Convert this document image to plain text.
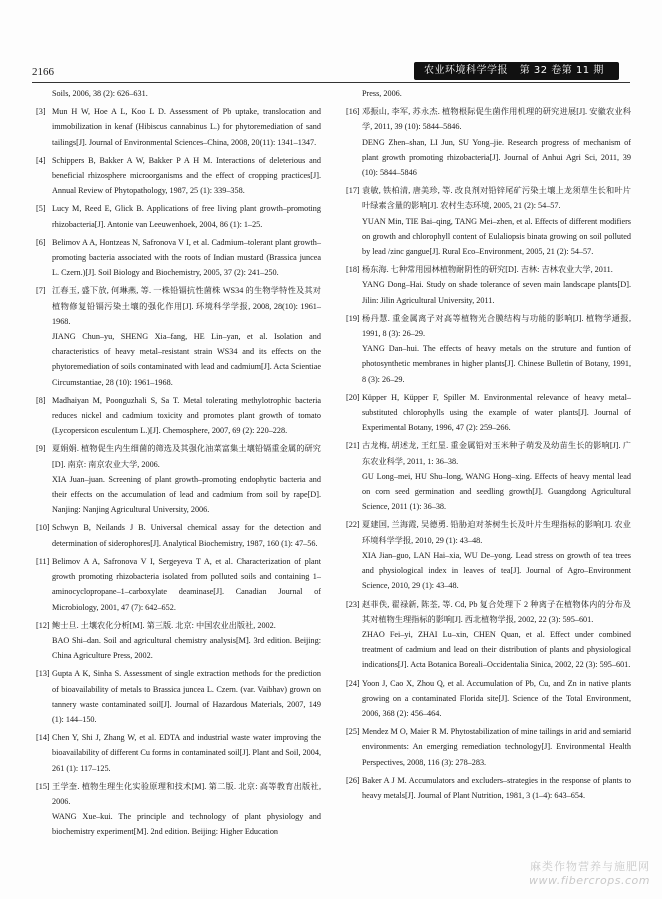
2166	农业环境科学学报 第 32 卷第 11 期
Soils, 2006, 38 (2): 626–631.
[3] Mun H W, Hoe A L, Koo L D. Assessment of Pb uptake, translocation and immobilization in kenaf (Hibiscus cannabinus L.) for phytoremediation of sand tailings[J]. Journal of Environmental Sciences–China, 2008, 20(11): 1341–1347.
[4] Schippers B, Bakker A W, Bakker P A H M. Interactions of deleterious and beneficial rhizosphere microorganisms and the effect of cropping practices[J]. Annual Review of Phytopathology, 1987, 25 (1): 339–358.
[5] Lucy M, Reed E, Glick B. Applications of free living plant growth–promoting rhizobacteria[J]. Antonie van Leeuwenhoek, 2004, 86 (1): 1–25.
[6] Belimov A A, Hontzeas N, Safronova V I, et al. Cadmium–tolerant plant growth–promoting bacteria associated with the roots of Indian mustard (Brassica juncea L. Czern.)[J]. Soil Biology and Biochemistry, 2005, 37 (2): 241–250.
[7] 江春玉, 盛下放, 何琳燕, 等. 一株铅镉抗性菌株 WS34 的生物学特性及其对植物修复铅镉污染土壤的强化作用[J]. 环境科学学报, 2008, 28(10): 1961–1968.
JIANG Chun–yu, SHENG Xia–fang, HE Lin–yan, et al. Isolation and characteristics of heavy metal–resistant strain WS34 and its effects on the phytoremediation of soils contaminated with lead and cadmium[J]. Acta Scientiae Circumstantiae, 28 (10): 1961–1968.
[8] Madhaiyan M, Poonguzhali S, Sa T. Metal tolerating methylotrophic bacteria reduces nickel and cadmium toxicity and promotes plant growth of tomato (Lycopersicon esculentum L.)[J]. Chemosphere, 2007, 69 (2): 220–228.
[9] 夏娟娟. 植物促生内生细菌的筛选及其强化油菜富集土壤铅镉重金属的研究[D]. 南京: 南京农业大学, 2006.
XIA Juan–juan. Screening of plant growth–promoting endophytic bacteria and their effects on the accumulation of lead and cadmium from soil by rape[D]. Nanjing: Nanjing Agricultural University, 2006.
[10] Schwyn B, Neilands J B. Universal chemical assay for the detection and determination of siderophores[J]. Analytical Biochemistry, 1987, 160 (1): 47–56.
[11] Belimov A A, Safronova V I, Sergeyeva T A, et al. Characterization of plant growth promoting rhizobacteria isolated from polluted soils and containing 1–aminocyclopropane–1–carboxylate deaminase[J]. Canadian Journal of Microbiology, 2001, 47 (7): 642–652.
[12] 鲍士旦. 土壤农化分析[M]. 第三版. 北京: 中国农业出版社, 2002.
BAO Shi–dan. Soil and agricultural chemistry analysis[M]. 3rd edition. Beijing: China Agriculture Press, 2002.
[13] Gupta A K, Sinha S. Assessment of single extraction methods for the prediction of bioavailability of metals to Brassica juncea L. Czern. (var. Vaibhav) grown on tannery waste contaminated soil[J]. Journal of Hazardous Materials, 2007, 149 (1): 144–150.
[14] Chen Y, Shi J, Zhang W, et al. EDTA and industrial waste water improving the bioavailability of different Cu forms in contaminated soil[J]. Plant and Soil, 2004, 261 (1): 117–125.
[15] 王学奎. 植物生理生化实验原理和技术[M]. 第二版. 北京: 高等教育出版社, 2006.
WANG Xue–kui. The principle and technology of plant physiology and biochemistry experiment[M]. 2nd edition. Beijing: Higher Education
Press, 2006.
[16] 邓振山, 李军, 苏永杰. 植物根际促生菌作用机理的研究进展[J]. 安徽农业科学, 2011, 39 (10): 5844–5846.
DENG Zhen–shan, LI Jun, SU Yong–jie. Research progress of mechanism of plant growth promoting rhizobacteria[J]. Journal of Anhui Agri Sci, 2011, 39 (10): 5844–5846
[17] 袁敏, 铁柏清, 唐美珍, 等. 改良剂对铅锌尾矿污染土壤上龙须草生长和叶片叶绿素含量的影响[J]. 农村生态环境, 2005, 21 (2): 54–57.
YUAN Min, TIE Bai–qing, TANG Mei–zhen, et al. Effects of different modifiers on growth and chlorophyll content of Eulaliopsis binata growing on soil polluted by lead /zinc gangue[J]. Rural Eco–Environment, 2005, 21 (2): 54–57.
[18] 杨东海. 七种常用园林植物耐阴性的研究[D]. 吉林: 吉林农业大学, 2011.
YANG Dong–Hai. Study on shade tolerance of seven main landscape plants[D]. Jilin: Jilin Agricultural University, 2011.
[19] 杨丹慧. 重金属离子对高等植物光合膜结构与功能的影响[J]. 植物学通报, 1991, 8 (3): 26–29.
YANG Dan–hui. The effects of heavy metals on the struture and funtion of photosynthetic membranes in higher plants[J]. Chinese Bulletin of Botany, 1991, 8 (3): 26–29.
[20] Küpper H, Küpper F, Spiller M. Environmental relevance of heavy metal–substituted chlorophylls using the example of water plants[J]. Journal of Experimental Botany, 1996, 47 (2): 259–266.
[21] 古龙梅, 胡述龙, 王红星. 重金属铅对玉米种子萌发及幼苗生长的影响[J]. 广东农业科学, 2011, 1: 36–38.
GU Long–mei, HU Shu–long, WANG Hong–xing. Effects of heavy mental lead on corn seed germination and seedling growth[J]. Guangdong Agricultural Science, 2011 (1): 36–38.
[22] 夏建国, 兰海霞, 吴德勇. 铅胁迫对茶树生长及叶片生理指标的影响[J]. 农业环境科学学报, 2010, 29 (1): 43–48.
XIA Jian–guo, LAN Hai–xia, WU De–yong. Lead stress on growth of tea trees and physiological index in leaves of tea[J]. Journal of Agro–Environment Science, 2010, 29 (1): 43–48.
[23] 赵菲佚, 翟禄新, 陈荃, 等. Cd, Pb 复合处理下 2 种离子在植物体内的分布及其对植物生理指标的影响[J]. 西北植物学报, 2002, 22 (3): 595–601.
ZHAO Fei–yi, ZHAI Lu–xin, CHEN Quan, et al. Effect under combined treatment of cadmium and lead on their distribution of plants and physiological indications[J]. Acta Botanica Boreali–Occidentalia Sinica, 2002, 22 (3): 595–601.
[24] Yoon J, Cao X, Zhou Q, et al. Accumulation of Pb, Cu, and Zn in native plants growing on a contaminated Florida site[J]. Science of the Total Environment, 2006, 368 (2): 456–464.
[25] Mendez M O, Maier R M. Phytostabilization of mine tailings in arid and semiarid environments: An emerging remediation technology[J]. Environmental Health Perspectives, 2008, 116 (3): 278–283.
[26] Baker A J M. Accumulators and excluders–strategies in the response of plants to heavy metals[J]. Journal of Plant Nutrition, 1981, 3 (1–4): 643–654.
麻类作物营养与施肥网
www.fibercrops.com
